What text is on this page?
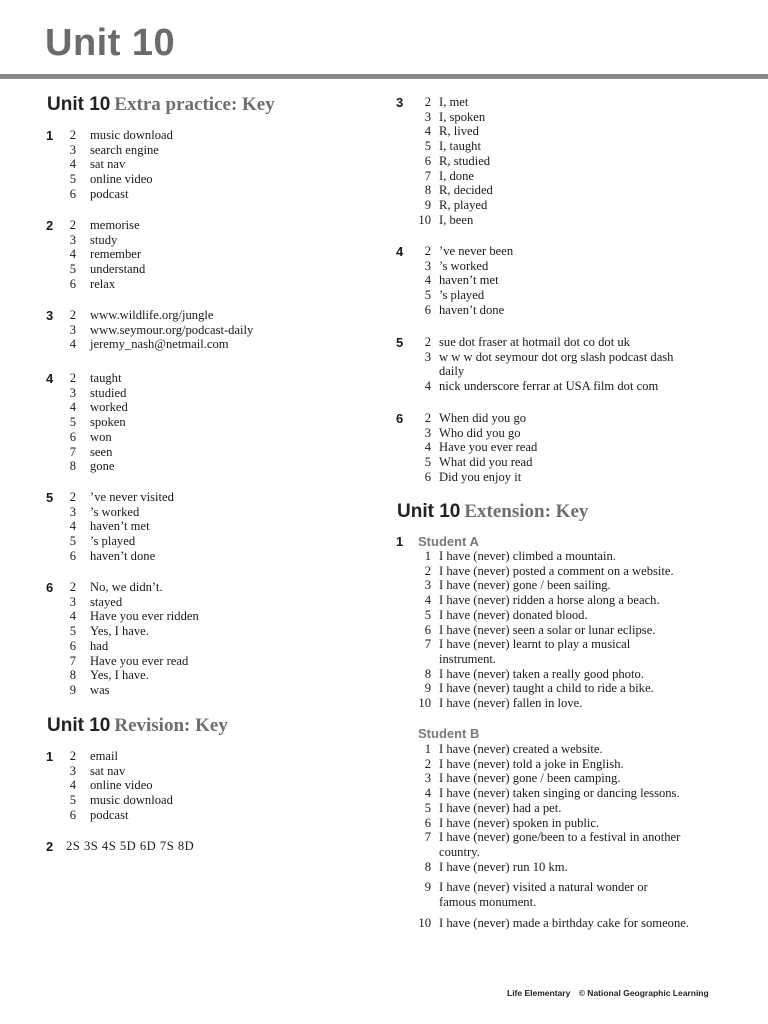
Unit 10
Unit 10 Extra practice: Key
1	2 music download
3 search engine
4 sat nav
5 online video
6 podcast
2	2 memorise
3 study
4 remember
5 understand
6 relax
3	2 www.wildlife.org/jungle
3 www.seymour.org/podcast-daily
4 jeremy_nash@netmail.com
4	2 taught
3 studied
4 worked
5 spoken
6 won
7 seen
8 gone
5	2 ’ve never visited
3 ’s worked
4 haven’t met
5 ’s played
6 haven’t done
6	2 No, we didn’t.
3 stayed
4 Have you ever ridden
5 Yes, I have.
6 had
7 Have you ever read
8 Yes, I have.
9 was
Unit 10 Revision: Key
1	2 email
3 sat nav
4 online video
5 music download
6 podcast
2 2S 3S 4S 5D 6D 7S 8D
3	2 I, met
3 I, spoken
4 R, lived
5 I, taught
6 R, studied
7 I, done
8 R, decided
9 R, played
10 I, been
4	2 ’ve never been
3 ’s worked
4 haven’t met
5 ’s played
6 haven’t done
5	2 sue dot fraser at hotmail dot co dot uk
3 w w w dot seymour dot org slash podcast dash
daily
4 nick underscore ferrar at USA film dot com
6	2 When did you go
3 Who did you go
4 Have you ever read
5 What did you read
6 Did you enjoy it
Unit 10 Extension: Key
1 Student A
1 I have (never) climbed a mountain.
2 I have (never) posted a comment on a website.
3 I have (never) gone / been sailing.
4 I have (never) ridden a horse along a beach.
5 I have (never) donated blood.
6 I have (never) seen a solar or lunar eclipse.
7 I have (never) learnt to play a musical
instrument.
8 I have (never) taken a really good photo.
9 I have (never) taught a child to ride a bike.
10 I have (never) fallen in love.
Student B
1 I have (never) created a website.
2 I have (never) told a joke in English.
3 I have (never) gone / been camping.
4 I have (never) taken singing or dancing lessons.
5 I have (never) had a pet.
6 I have (never) spoken in public.
7 I have (never) gone/been to a festival in another
country.
8 I have (never) run 10 km.
9 I have (never) visited a natural wonder or
famous monument.
10 I have (never) made a birthday cake for someone.
Life Elementary © National Geographic Learning
